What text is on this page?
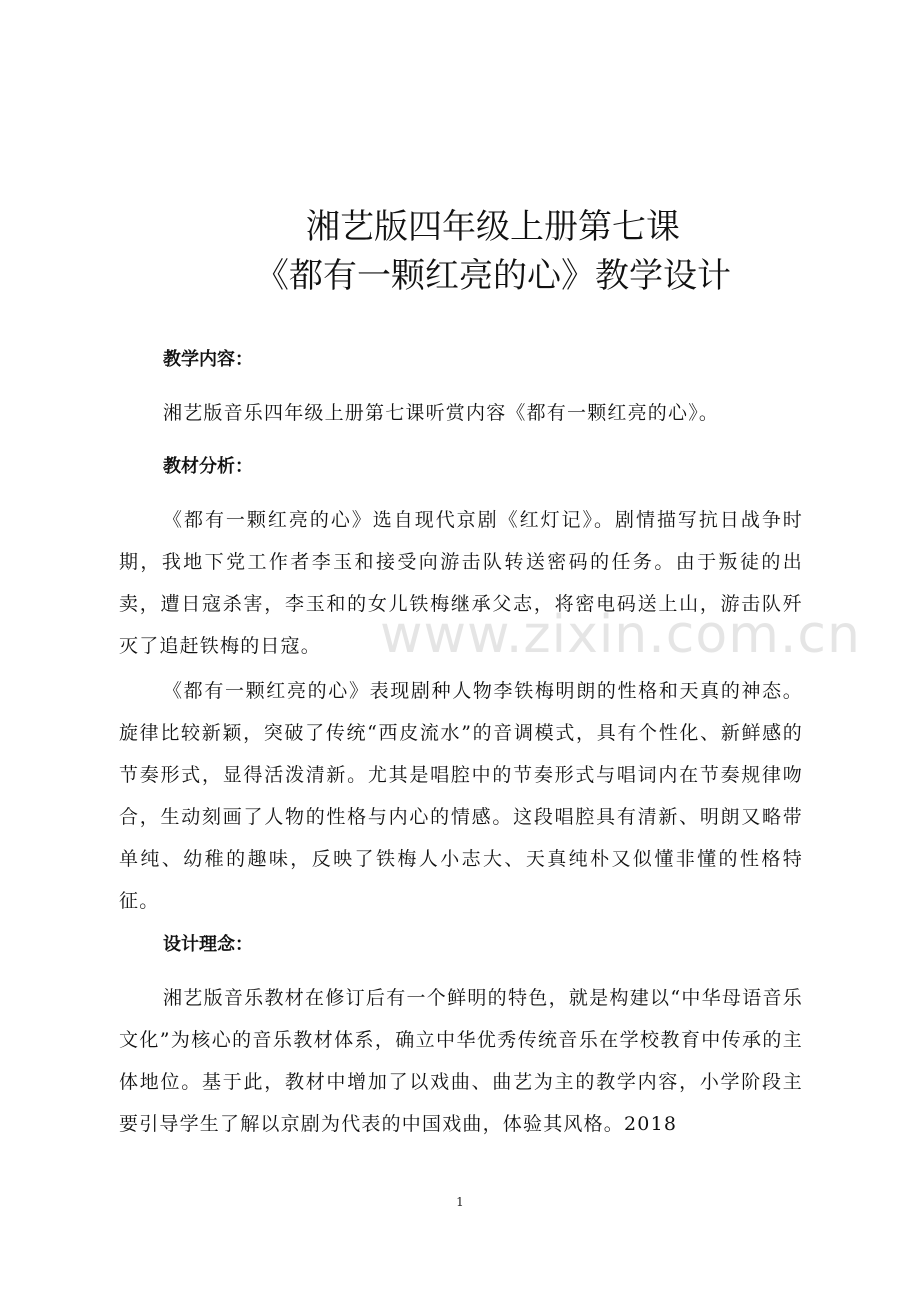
湘艺版四年级上册第七课
《都有一颗红亮的心》教学设计
教学内容：
湘艺版音乐四年级上册第七课听赏内容《都有一颗红亮的心》。
教材分析：
《都有一颗红亮的心》选自现代京剧《红灯记》。剧情描写抗日战争时期，我地下党工作者李玉和接受向游击队转送密码的任务。由于叛徒的出卖，遭日寇杀害，李玉和的女儿铁梅继承父志，将密电码送上山，游击队歼灭了追赶铁梅的日寇。
《都有一颗红亮的心》表现剧种人物李铁梅明朗的性格和天真的神态。旋律比较新颖，突破了传统“西皮流水”的音调模式，具有个性化、新鲜感的节奏形式，显得活泼清新。尤其是唱腔中的节奏形式与唱词内在节奏规律吻合，生动刻画了人物的性格与内心的情感。这段唱腔具有清新、明朗又略带单纯、幼稚的趣味，反映了铁梅人小志大、天真纯朴又似懂非懂的性格特征。
设计理念：
湘艺版音乐教材在修订后有一个鲜明的特色，就是构建以“中华母语音乐文化”为核心的音乐教材体系，确立中华优秀传统音乐在学校教育中传承的主体地位。基于此，教材中增加了以戏曲、曲艺为主的教学内容，小学阶段主要引导学生了解以京剧为代表的中国戏曲，体验其风格。2018
www.zixin.com.cn
1
